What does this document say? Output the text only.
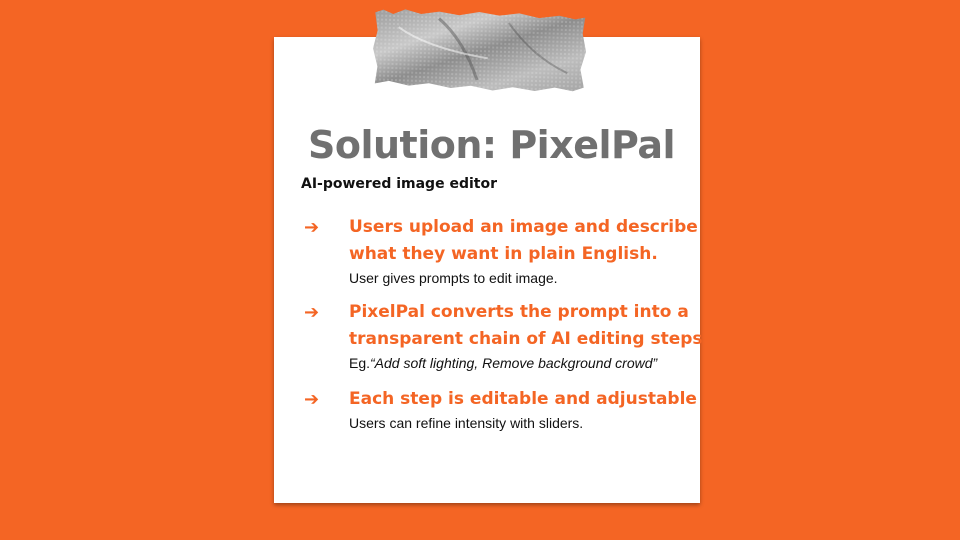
Solution: PixelPal

AI-powered image editor

➔ Users upload an image and describe

what they want in plain English.

User gives prompts to edit image.

➔ PixelPal converts the prompt into a

transparent chain of AI editing steps

Eg.“Add soft lighting, Remove background crowd”

➔ Each step is editable and adjustable

Users can refine intensity with sliders.
